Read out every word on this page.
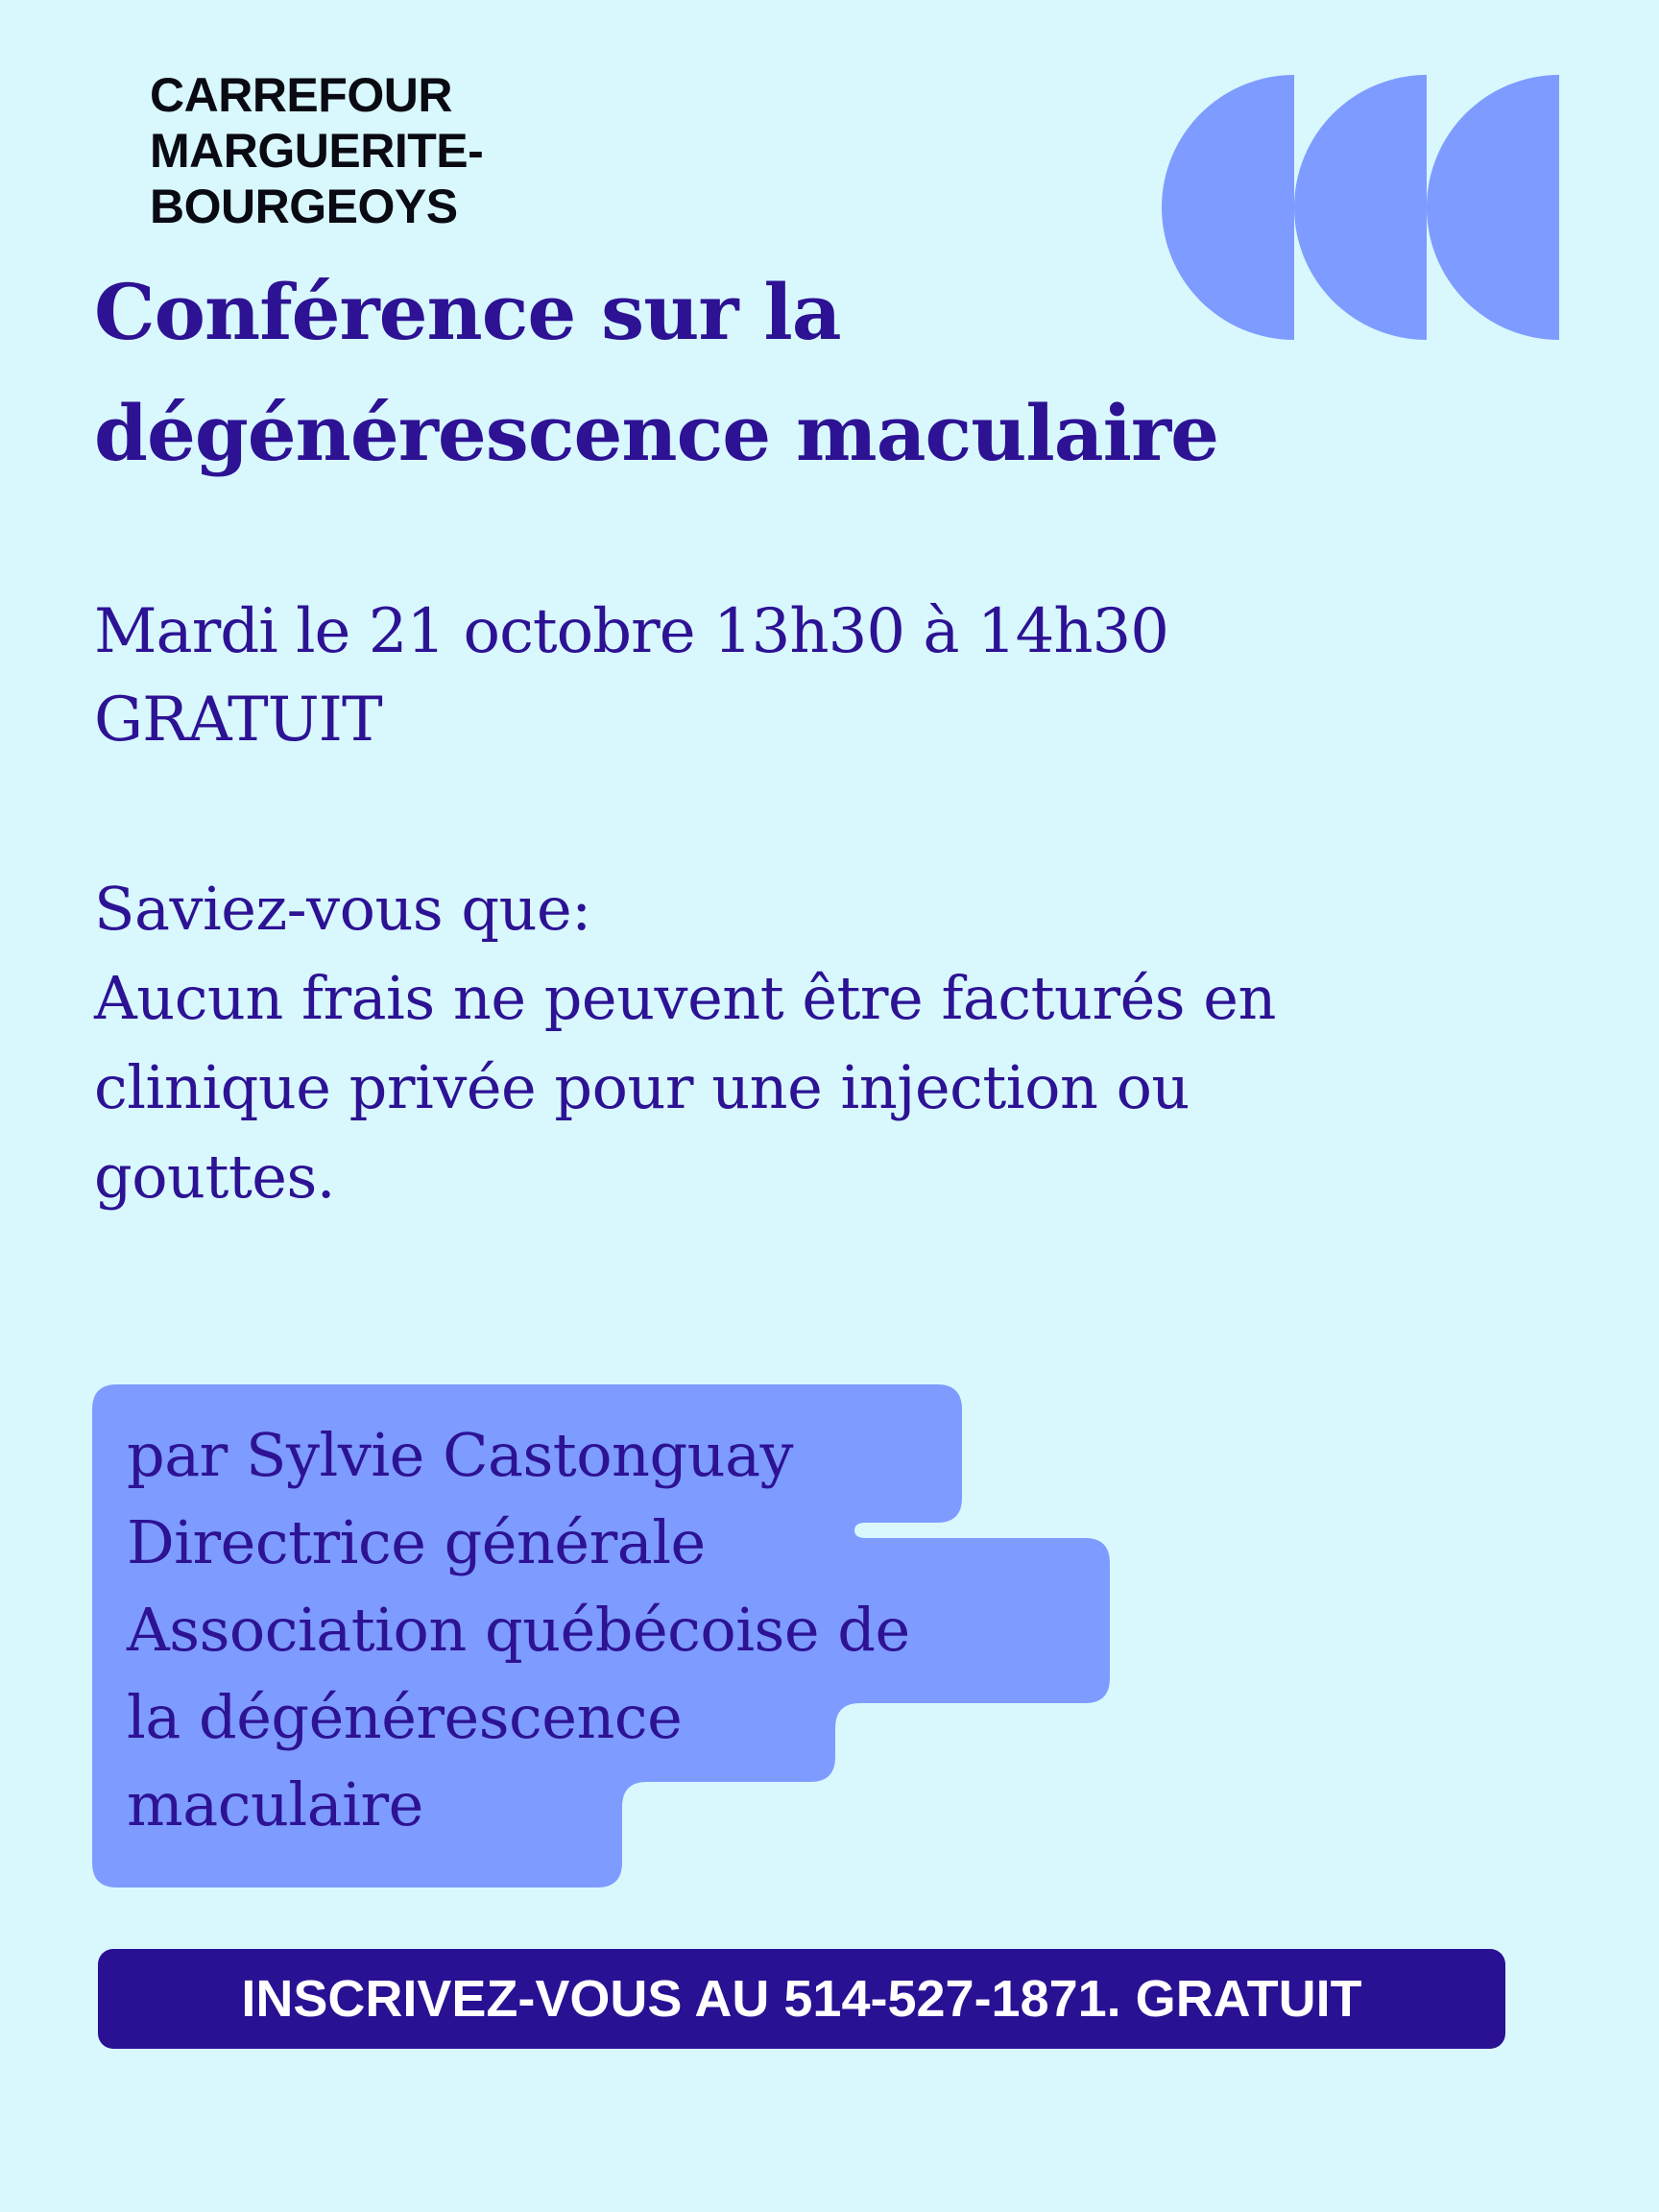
CARREFOUR
MARGUERITE-
BOURGEOYS
Conférence sur la
dégénérescence maculaire

Mardi le 21 octobre 13h30 à 14h30
GRATUIT

Saviez-vous que:
Aucun frais ne peuvent être facturés en
clinique privée pour une injection ou
gouttes.

par Sylvie Castonguay
Directrice générale
Association québécoise de
la dégénérescence
maculaire

INSCRIVEZ-VOUS AU 514-527-1871. GRATUIT
